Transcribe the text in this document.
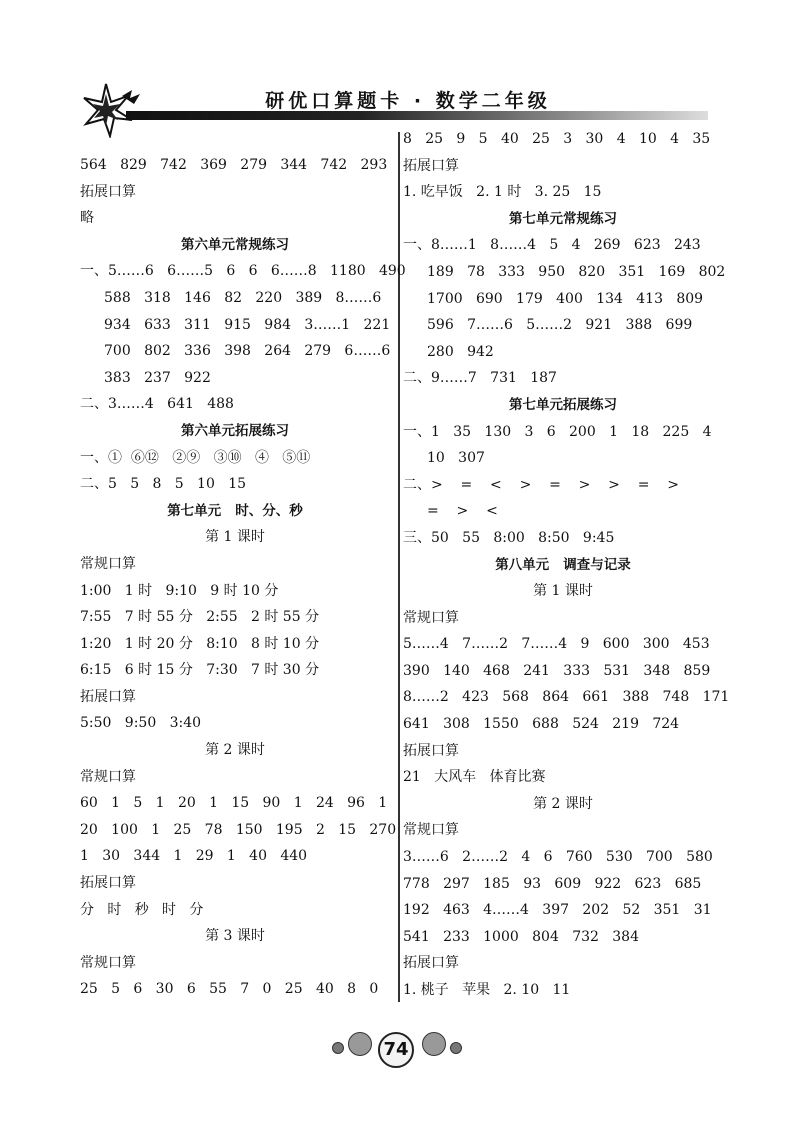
研优口算题卡 · 数学二年级
564   829   742   369   279   344   742   293
拓展口算
略
第六单元常规练习
一、5……6   6……5   6   6   6……8   1180   490
588   318   146   82   220   389   8……6
934   633   311   915   984   3……1   221
700   802   336   398   264   279   6……6
383   237   922
二、3……4   641   488
第六单元拓展练习
一、①  ⑥⑫   ②⑨   ③⑩   ④   ⑤⑪
二、5   5   8   5   10   15
第七单元   时、分、秒
第 1 课时
常规口算
1:00   1 时   9:10   9 时 10 分
7:55   7 时 55 分   2:55   2 时 55 分
1:20   1 时 20 分   8:10   8 时 10 分
6:15   6 时 15 分   7:30   7 时 30 分
拓展口算
5:50   9:50   3:40
第 2 课时
常规口算
60   1   5   1   20   1   15   90   1   24   96   1
20   100   1   25   78   150   195   2   15   270
1   30   344   1   29   1   40   440
拓展口算
分   时   秒   时   分
第 3 课时
常规口算
25   5   6   30   6   55   7   0   25   40   8   0
8   25   9   5   40   25   3   30   4   10   4   35
拓展口算
1. 吃早饭   2. 1 时   3. 25   15
第七单元常规练习
一、8……1   8……4   5   4   269   623   243
189   78   333   950   820   351   169   802
1700   690   179   400   134   413   809
596   7……6   5……2   921   388   699
280   942
二、9……7   731   187
第七单元拓展练习
一、1   35   130   3   6   200   1   18   225   4
10   307
二、>    =    <    >    =    >    >    =    >
=    >    <
三、50   55   8:00   8:50   9:45
第八单元   调查与记录
第 1 课时
常规口算
5……4   7……2   7……4   9   600   300   453
390   140   468   241   333   531   348   859
8……2   423   568   864   661   388   748   171
641   308   1550   688   524   219   724
拓展口算
21   大风车   体育比赛
第 2 课时
常规口算
3……6   2……2   4   6   760   530   700   580
778   297   185   93   609   922   623   685
192   463   4……4   397   202   52   351   31
541   233   1000   804   732   384
拓展口算
1. 桃子   苹果   2. 10   11
74
